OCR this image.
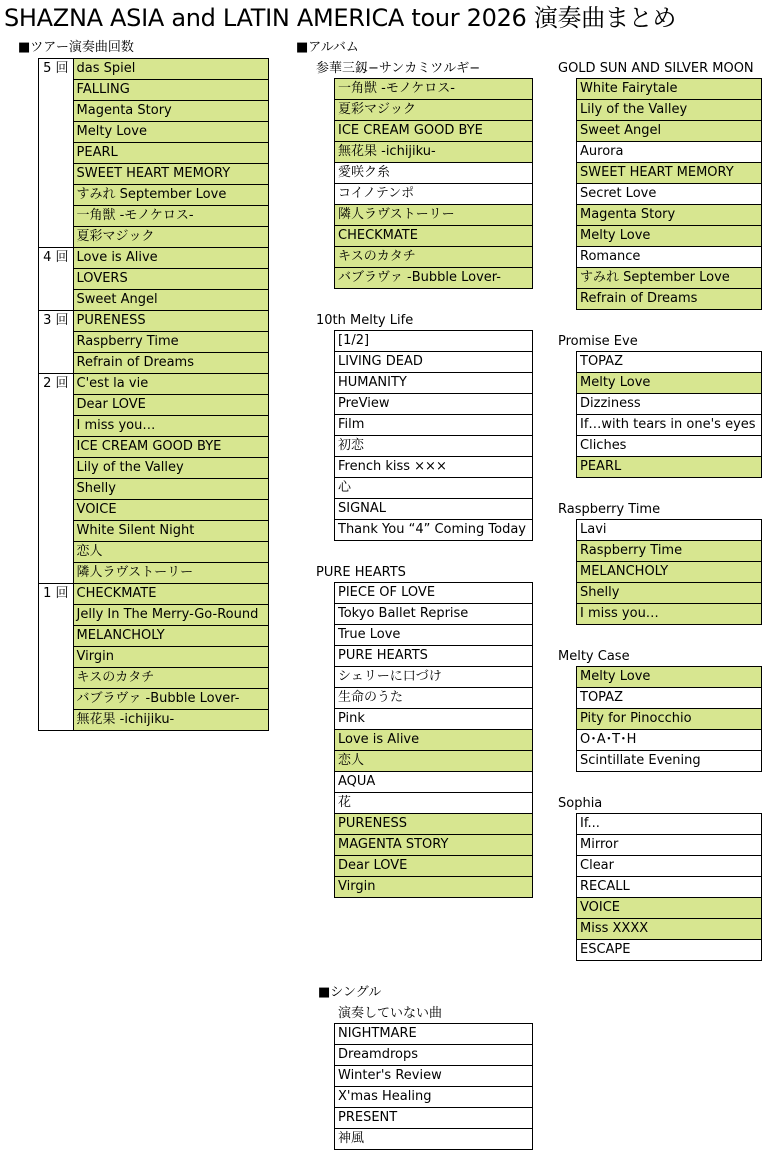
SHAZNA ASIA and LATIN AMERICA tour 2026 演奏曲まとめ
■ツアー演奏曲回数
5 回	das Spiel
	FALLING
	Magenta Story
	Melty Love
	PEARL
	SWEET HEART MEMORY
	すみれ September Love
	一角獣 -モノケロス-
	夏彩マジック
4 回	Love is Alive
	LOVERS
	Sweet Angel
3 回	PURENESS
	Raspberry Time
	Refrain of Dreams
2 回	C'est la vie
	Dear LOVE
	I miss you…
	ICE CREAM GOOD BYE
	Lily of the Valley
	Shelly
	VOICE
	White Silent Night
	恋人
	隣人ラヴストーリー
1 回	CHECKMATE
	Jelly In The Merry-Go-Round
	MELANCHOLY
	Virgin
	キスのカタチ
	バブラヴァ -Bubble Lover-
	無花果 -ichijiku-
■アルバム
参華三釼−サンカミツルギ−
一角獣 -モノケロス-
夏彩マジック
ICE CREAM GOOD BYE
無花果 -ichijiku-
愛咲ク糸
コイノテンポ
隣人ラヴストーリー
CHECKMATE
キスのカタチ
バブラヴァ -Bubble Lover-
10th Melty Life
[1/2]
LIVING DEAD
HUMANITY
PreView
Film
初恋
French kiss ×××
心
SIGNAL
Thank You “4” Coming Today
PURE HEARTS
PIECE OF LOVE
Tokyo Ballet Reprise
True Love
PURE HEARTS
シェリーに口づけ
生命のうた
Pink
Love is Alive
恋人
AQUA
花
PURENESS
MAGENTA STORY
Dear LOVE
Virgin
GOLD SUN AND SILVER MOON
White Fairytale
Lily of the Valley
Sweet Angel
Aurora
SWEET HEART MEMORY
Secret Love
Magenta Story
Melty Love
Romance
すみれ September Love
Refrain of Dreams
Promise Eve
TOPAZ
Melty Love
Dizziness
If…with tears in one's eyes
Cliches
PEARL
Raspberry Time
Lavi
Raspberry Time
MELANCHOLY
Shelly
I miss you…
Melty Case
Melty Love
TOPAZ
Pity for Pinocchio
O･A･T･H
Scintillate Evening
Sophia
If...
Mirror
Clear
RECALL
VOICE
Miss XXXX
ESCAPE
■シングル
演奏していない曲
NIGHTMARE
Dreamdrops
Winter's Review
X'mas Healing
PRESENT
神風
